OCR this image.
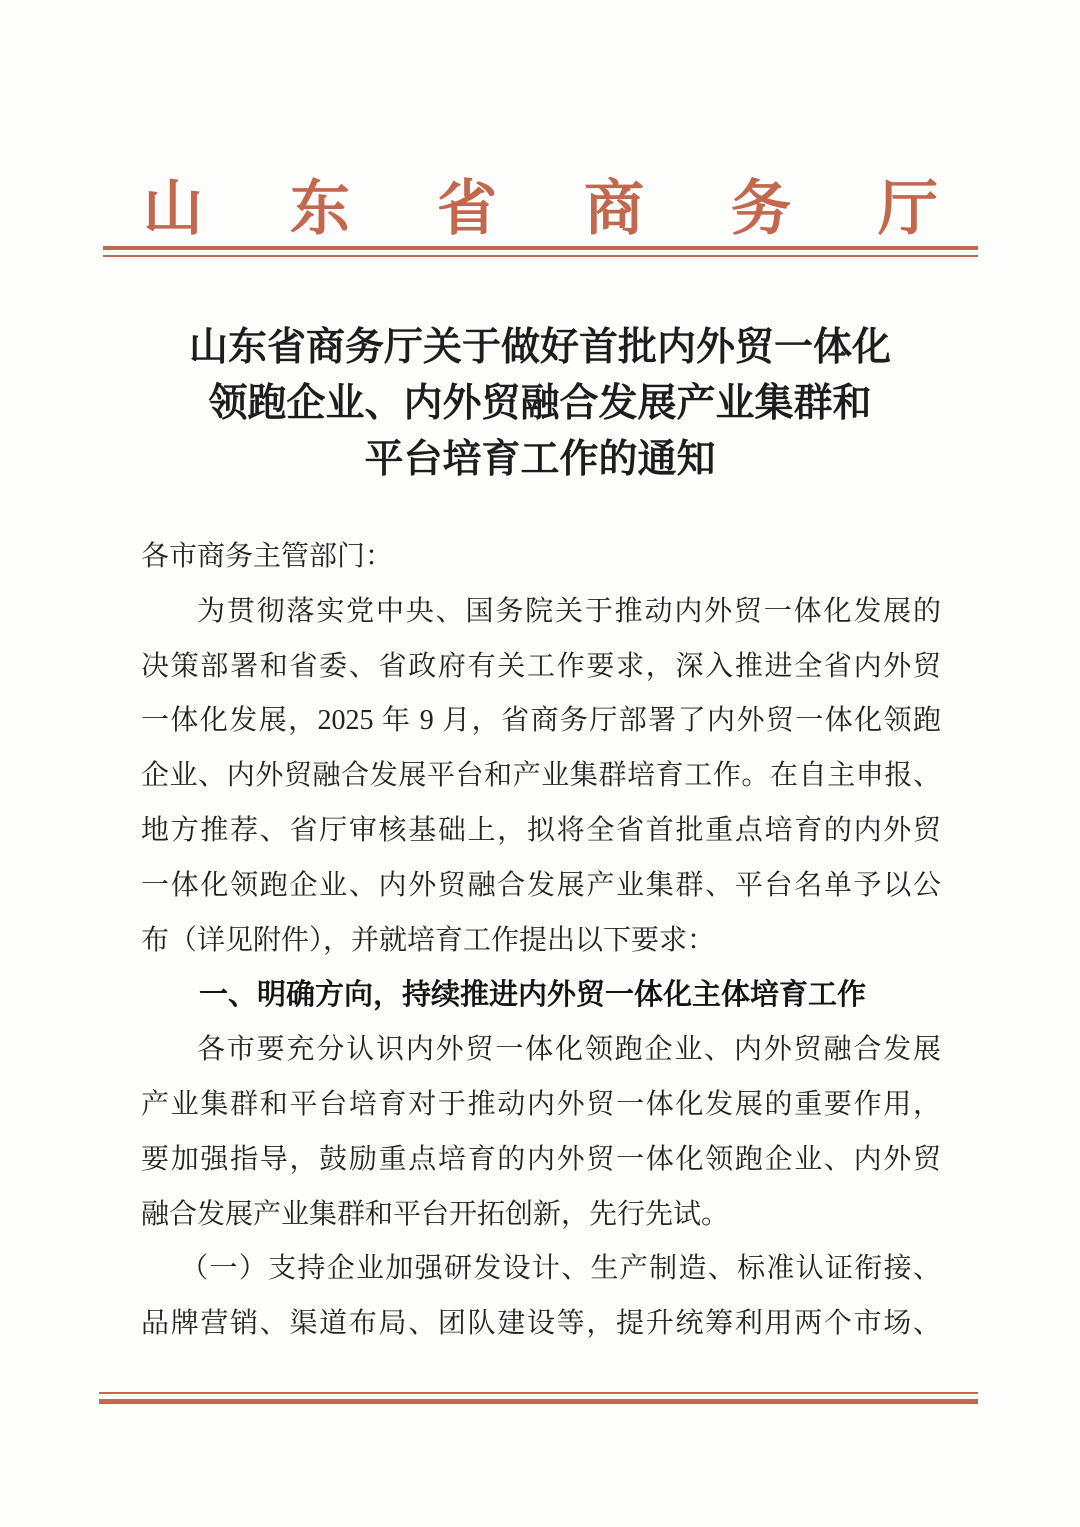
山 东 省 商 务 厅
山东省商务厅关于做好首批内外贸一体化
领跑企业、内外贸融合发展产业集群和
平台培育工作的通知
各市商务主管部门：
为贯彻落实党中央、国务院关于推动内外贸一体化发展的
决策部署和省委、省政府有关工作要求，深入推进全省内外贸
一体化发展，2025 年 9 月，省商务厅部署了内外贸一体化领跑
企业、内外贸融合发展平台和产业集群培育工作。在自主申报、
地方推荐、省厅审核基础上，拟将全省首批重点培育的内外贸
一体化领跑企业、内外贸融合发展产业集群、平台名单予以公
布（详见附件），并就培育工作提出以下要求：
一、明确方向，持续推进内外贸一体化主体培育工作
各市要充分认识内外贸一体化领跑企业、内外贸融合发展
产业集群和平台培育对于推动内外贸一体化发展的重要作用，
要加强指导，鼓励重点培育的内外贸一体化领跑企业、内外贸
融合发展产业集群和平台开拓创新，先行先试。
（一）支持企业加强研发设计、生产制造、标准认证衔接、
品牌营销、渠道布局、团队建设等，提升统筹利用两个市场、
